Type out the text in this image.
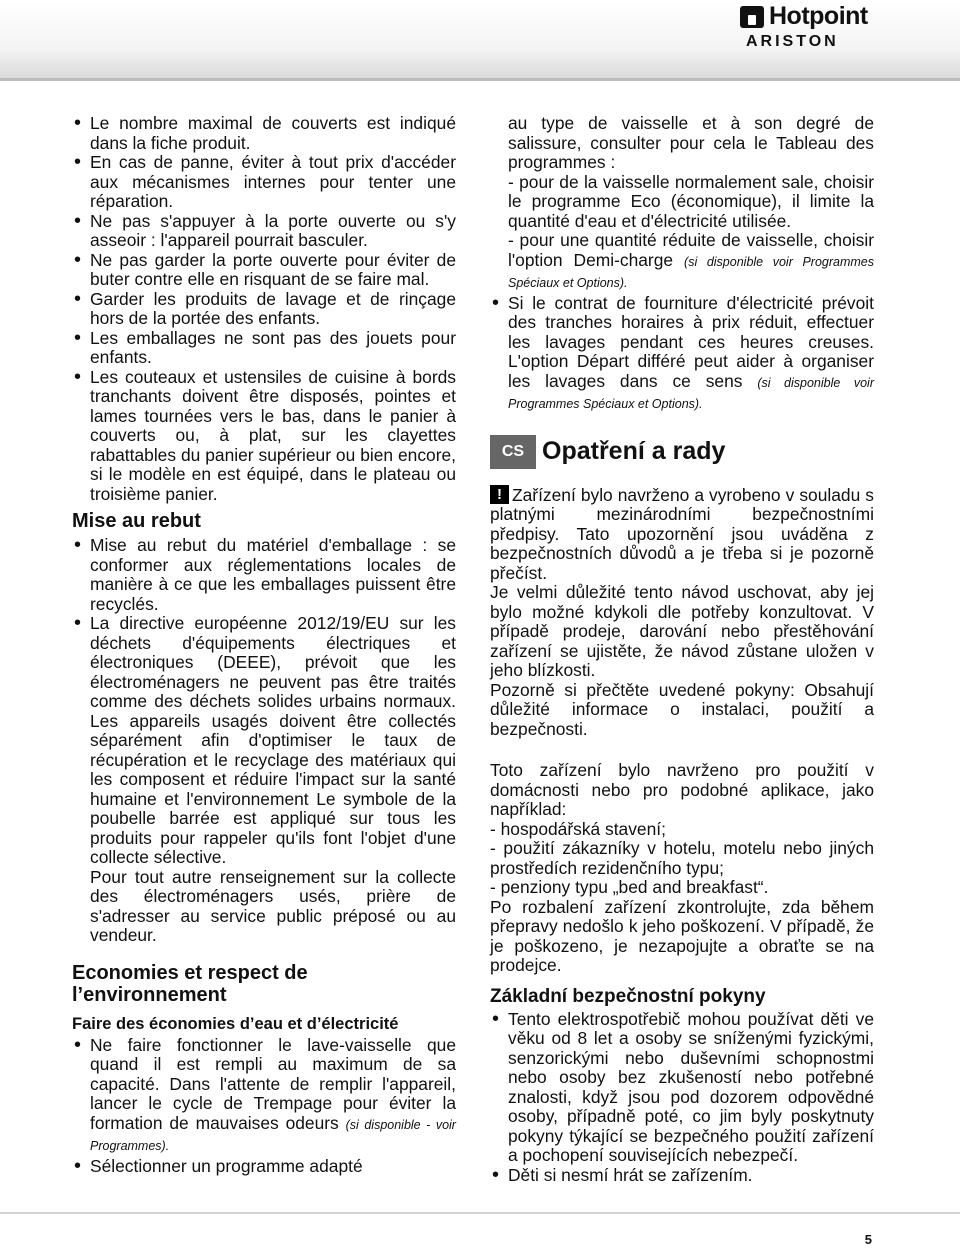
Hotpoint
ARISTON

• Le nombre maximal de couverts est indiqué dans la fiche produit.

• En cas de panne, éviter à tout prix d'accéder aux mécanismes internes pour tenter une réparation.

• Ne pas s'appuyer à la porte ouverte ou s'y asseoir : l'appareil pourrait basculer.

• Ne pas garder la porte ouverte pour éviter de buter contre elle en risquant de se faire mal.

• Garder les produits de lavage et de rinçage hors de la portée des enfants.

• Les emballages ne sont pas des jouets pour enfants.

• Les couteaux et ustensiles de cuisine à bords tranchants doivent être disposés, pointes et lames tournées vers le bas, dans le panier à couverts ou, à plat, sur les clayettes rabattables du panier supérieur ou bien encore, si le modèle en est équipé, dans le plateau ou troisième panier.

Mise au rebut

• Mise au rebut du matériel d'emballage : se conformer aux réglementations locales de manière à ce que les emballages puissent être recyclés.

• La directive européenne 2012/19/EU sur les déchets d'équipements électriques et électroniques (DEEE), prévoit que les électroménagers ne peuvent pas être traités comme des déchets solides urbains normaux. Les appareils usagés doivent être collectés séparément afin d'optimiser le taux de récupération et le recyclage des matériaux qui les composent et réduire l'impact sur la santé humaine et l'environnement Le symbole de la poubelle barrée est appliqué sur tous les produits pour rappeler qu'ils font l'objet d'une collecte sélective.

Pour tout autre renseignement sur la collecte des électroménagers usés, prière de s'adresser au service public préposé ou au vendeur.

Economies et respect de l’environnement
Faire des économies d’eau et d’électricité

• Ne faire fonctionner le lave-vaisselle que quand il est rempli au maximum de sa capacité. Dans l'attente de remplir l'appareil, lancer le cycle de Trempage pour éviter la formation de mauvaises odeurs (si disponible - voir Programmes).

• Sélectionner un programme adapté

au type de vaisselle et à son degré de salissure, consulter pour cela le Tableau des programmes :

- pour de la vaisselle normalement sale, choisir le programme Eco (économique), il limite la quantité d'eau et d'électricité utilisée.

- pour une quantité réduite de vaisselle, choisir l'option Demi-charge (si disponible voir Programmes Spéciaux et Options).

• Si le contrat de fourniture d'électricité prévoit des tranches horaires à prix réduit, effectuer les lavages pendant ces heures creuses. L'option Départ différé peut aider à organiser les lavages dans ce sens (si disponible voir Programmes Spéciaux et Options).

CS Opatření a rady

!Zařízení bylo navrženo a vyrobeno v souladu s platnými mezinárodními bezpečnostními předpisy. Tato upozornění jsou uváděna z bezpečnostních důvodů a je třeba si je pozorně přečíst.

Je velmi důležité tento návod uschovat, aby jej bylo možné kdykoli dle potřeby konzultovat. V případě prodeje, darování nebo přestěhování zařízení se ujistěte, že návod zůstane uložen v jeho blízkosti.

Pozorně si přečtěte uvedené pokyny: Obsahují důležité informace o instalaci, použití a bezpečnosti.

Toto zařízení bylo navrženo pro použití v domácnosti nebo pro podobné aplikace, jako například:

- hospodářská stavení;

- použití zákazníky v hotelu, motelu nebo jiných prostředích rezidenčního typu;

- penziony typu „bed and breakfast“.

Po rozbalení zařízení zkontrolujte, zda během přepravy nedošlo k jeho poškození. V případě, že je poškozeno, je nezapojujte a obraťte se na prodejce.

Základní bezpečnostní pokyny

• Tento elektrospotřebič mohou používat děti ve věku od 8 let a osoby se sníženými fyzickými, senzorickými nebo duševními schopnostmi nebo osoby bez zkušeností nebo potřebné znalosti, když jsou pod dozorem odpovědné osoby, případně poté, co jim byly poskytnuty pokyny týkající se bezpečného použití zařízení a pochopení souvisejících nebezpečí.

• Děti si nesmí hrát se zařízením.

5
